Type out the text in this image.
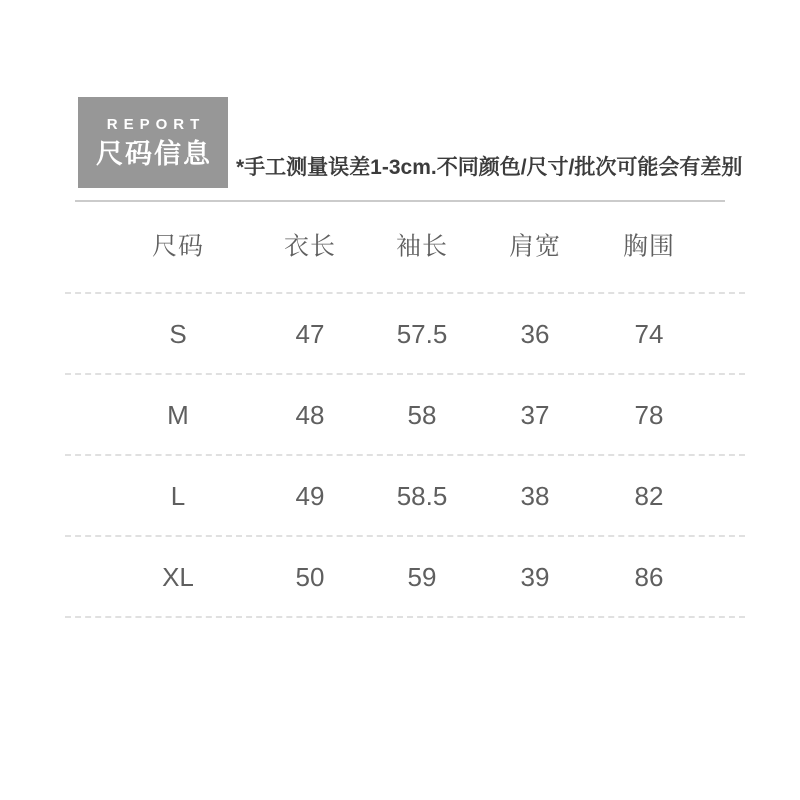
REPORT
尺码信息 *手工测量误差1-3cm.不同颜色/尺寸/批次可能会有差别
尺码	衣长 袖长 肩宽 胸围
S	47	57.5	36	74
M	48	58	37	78
L	49	58.5	38	82
XL	50	59	39	86
